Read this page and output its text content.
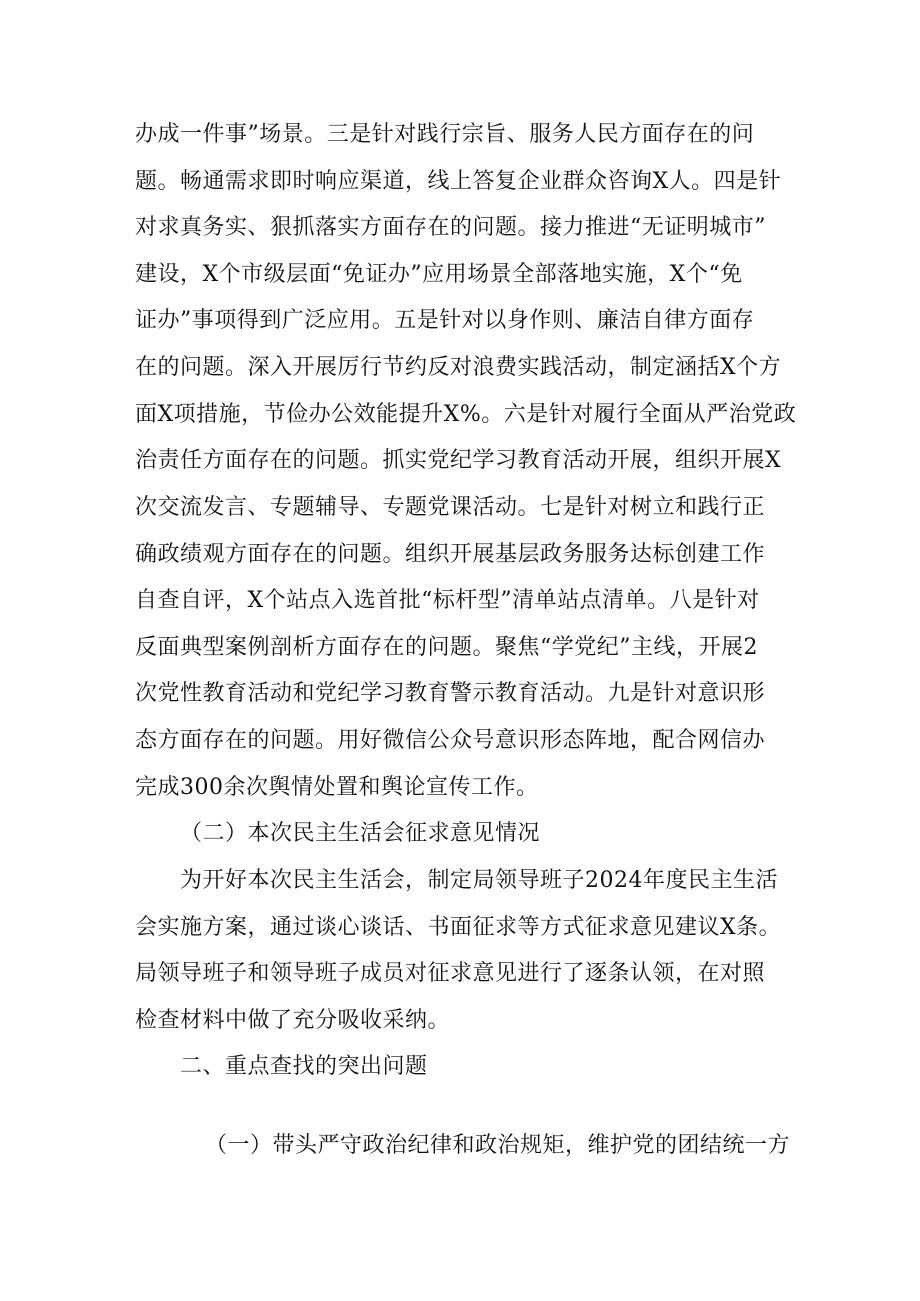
办成一件事”场景。三是针对践行宗旨、服务人民方面存在的问
题。畅通需求即时响应渠道，线上答复企业群众咨询X人。四是针
对求真务实、狠抓落实方面存在的问题。接力推进“无证明城市”
建设，X个市级层面“免证办”应用场景全部落地实施，X个“免
证办”事项得到广泛应用。五是针对以身作则、廉洁自律方面存
在的问题。深入开展厉行节约反对浪费实践活动，制定涵括X个方
面X项措施，节俭办公效能提升X%。六是针对履行全面从严治党政
治责任方面存在的问题。抓实党纪学习教育活动开展，组织开展X
次交流发言、专题辅导、专题党课活动。七是针对树立和践行正
确政绩观方面存在的问题。组织开展基层政务服务达标创建工作
自查自评，X个站点入选首批“标杆型”清单站点清单。八是针对
反面典型案例剖析方面存在的问题。聚焦“学党纪”主线，开展2
次党性教育活动和党纪学习教育警示教育活动。九是针对意识形
态方面存在的问题。用好微信公众号意识形态阵地，配合网信办
完成300余次舆情处置和舆论宣传工作。
（二）本次民主生活会征求意见情况
为开好本次民主生活会，制定局领导班子2024年度民主生活
会实施方案，通过谈心谈话、书面征求等方式征求意见建议X条。
局领导班子和领导班子成员对征求意见进行了逐条认领，在对照
检查材料中做了充分吸收采纳。
二、重点查找的突出问题
（一）带头严守政治纪律和政治规矩，维护党的团结统一方
